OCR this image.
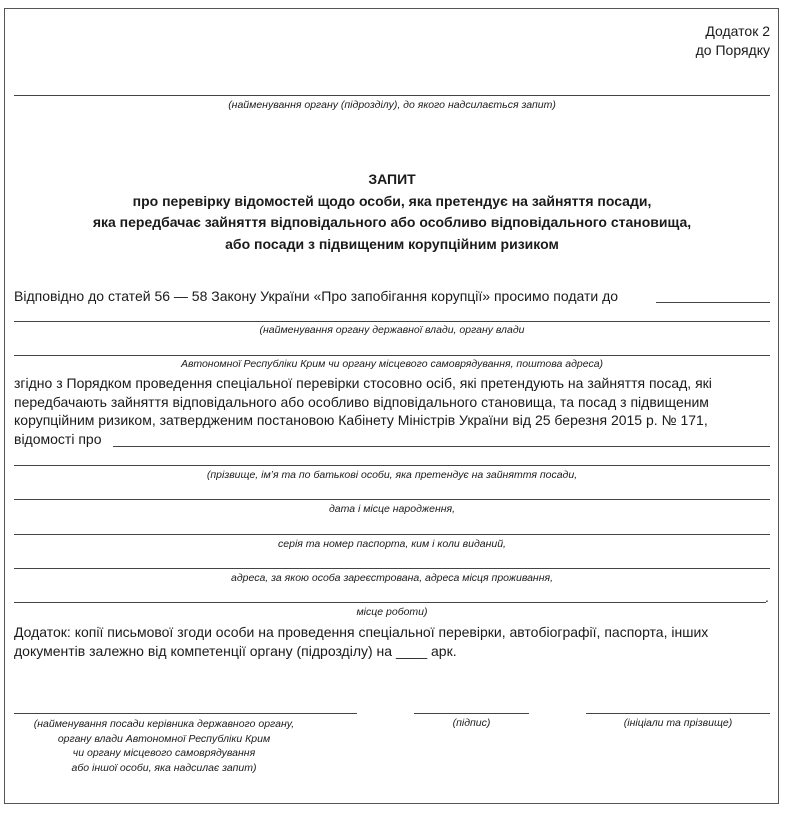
Додаток 2
до Порядку
(найменування органу (підрозділу), до якого надсилається запит)
ЗАПИТ
про перевірку відомостей щодо особи, яка претендує на зайняття посади,
яка передбачає зайняття відповідального або особливо відповідального становища,
або посади з підвищеним корупційним ризиком
Відповідно до статей 56 — 58 Закону України «Про запобігання корупції» просимо подати до
(найменування органу державної влади, органу влади
Автономної Республіки Крим чи органу місцевого самоврядування, поштова адреса)
згідно з Порядком проведення спеціальної перевірки стосовно осіб, які претендують на зайняття посад, які
передбачають зайняття відповідального або особливо відповідального становища, та посад з підвищеним
корупційним ризиком, затвердженим постановою Кабінету Міністрів України від 25 березня 2015 р. № 171,
відомості про
(прізвище, ім’я та по батькові особи, яка претендує на зайняття посади,
дата і місце народження,
серія та номер паспорта, ким і коли виданий,
адреса, за якою особа зареєстрована, адреса місця проживання,
.
місце роботи)
Додаток: копії письмової згоди особи на проведення спеціальної перевірки, автобіографії, паспорта, інших
документів залежно від компетенції органу (підрозділу) на ____ арк.
(найменування посади керівника державного органу,
органу влади Автономної Республіки Крим
чи органу місцевого самоврядування
або іншої особи, яка надсилає запит)
(підпис)	(ініціали та прізвище)
